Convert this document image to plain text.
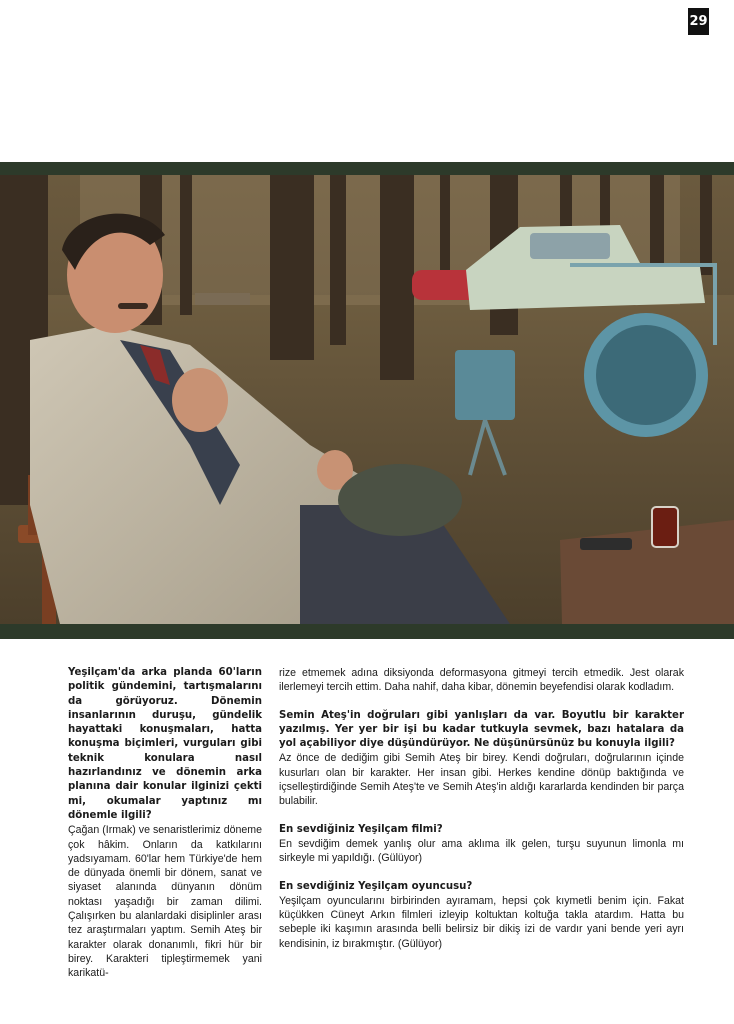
29

Yeşilçam'da arka planda 60'ların politik gündemini, tartışmalarını da görüyoruz. Dönemin insanlarının duruşu, gündelik hayattaki konuşmaları, hatta konuşma biçimleri, vurguları gibi teknik konulara nasıl hazırlandınız ve dönemin arka planına dair konular ilginizi çekti mi, okumalar yaptınız mı dönemle ilgili?

Çağan (Irmak) ve senaristlerimiz döneme çok hâkim. Onların da katkılarını yadsıyamam. 60'lar hem Türkiye'de hem de dünyada önemli bir dönem, sanat ve siyaset alanında dünyanın dönüm noktası yaşadığı bir zaman dilimi. Çalışırken bu alanlardaki disiplinler arası tez araştırmaları yaptım. Semih Ateş bir karakter olarak donanımlı, fikri hür bir birey. Karakteri tipleştirmemek yani karikatü-

rize etmemek adına diksiyonda deformasyona gitmeyi tercih etmedik. Jest olarak ilerlemeyi tercih ettim. Daha nahif, daha kibar, dönemin beyefendisi olarak kodladım.

Semin Ateş'in doğruları gibi yanlışları da var. Boyutlu bir karakter yazılmış. Yer yer bir işi bu kadar tutkuyla sevmek, bazı hatalara da yol açabiliyor diye düşündürüyor. Ne düşünürsünüz bu konuyla ilgili?

Az önce de dediğim gibi Semih Ateş bir birey. Kendi doğruları, doğrularının içinde kusurları olan bir karakter. Her insan gibi. Herkes kendine dönüp baktığında ve içselleştirdiğinde Semih Ateş'te ve Semih Ateş'in aldığı kararlarda kendinden bir parça bulabilir.

En sevdiğiniz Yeşilçam filmi?

En sevdiğim demek yanlış olur ama aklıma ilk gelen, turşu suyunun limonla mı sirkeyle mi yapıldığı. (Gülüyor)

En sevdiğiniz Yeşilçam oyuncusu?

Yeşilçam oyuncularını birbirinden ayıramam, hepsi çok kıymetli benim için. Fakat küçükken Cüneyt Arkın filmleri izleyip koltuktan koltuğa takla atardım. Hatta bu sebeple iki kaşımın arasında belli belirsiz bir dikiş izi de vardır yani bende yeri ayrı kendisinin, iz bırakmıştır. (Gülüyor)
